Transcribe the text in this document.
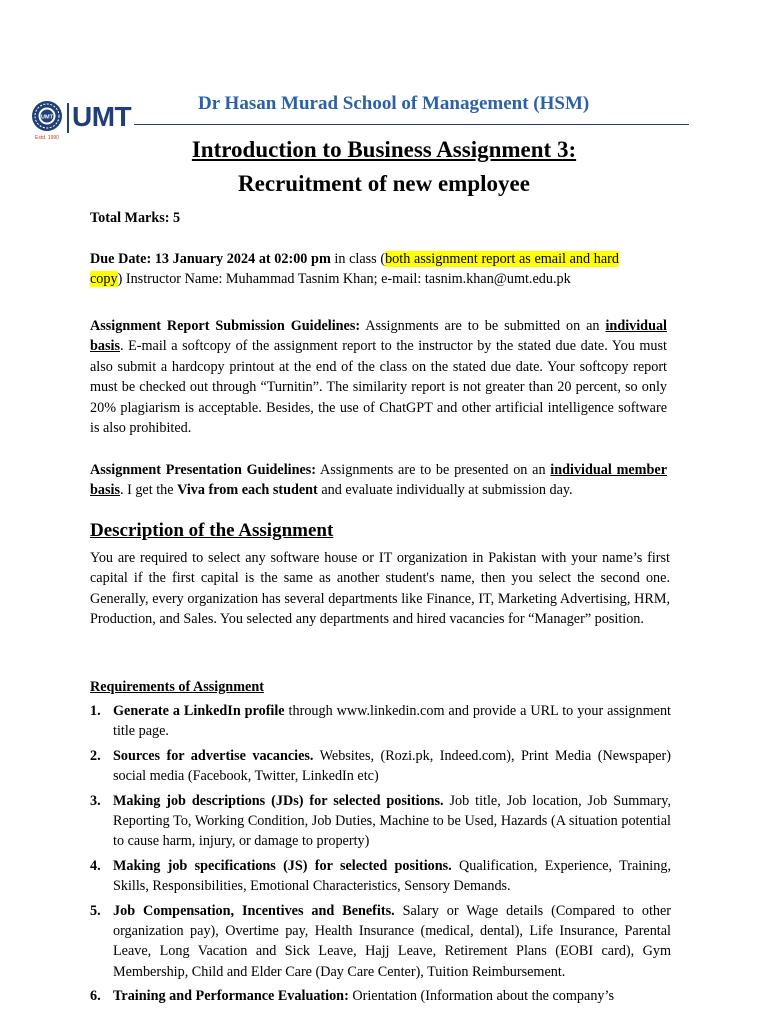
UMT
Estd. 1990
UMT	Dr Hasan Murad School of Management (HSM)
Introduction to Business Assignment 3:
Recruitment of new employee
Total Marks: 5
Due Date: 13 January 2024 at 02:00 pm in class (both assignment report as email and hard copy) Instructor Name: Muhammad Tasnim Khan; e-mail: tasnim.khan@umt.edu.pk
Assignment Report Submission Guidelines: Assignments are to be submitted on an individual basis. E-mail a softcopy of the assignment report to the instructor by the stated due date. You must also submit a hardcopy printout at the end of the class on the stated due date. Your softcopy report must be checked out through “Turnitin”. The similarity report is not greater than 20 percent, so only 20% plagiarism is acceptable. Besides, the use of ChatGPT and other artificial intelligence software is also prohibited.
Assignment Presentation Guidelines: Assignments are to be presented on an individual member basis. I get the Viva from each student and evaluate individually at submission day.
Description of the Assignment
You are required to select any software house or IT organization in Pakistan with your name’s first capital if the first capital is the same as another student's name, then you select the second one. Generally, every organization has several departments like Finance, IT, Marketing Advertising, HRM, Production, and Sales. You selected any departments and hired vacancies for “Manager” position.
Requirements of Assignment
1. Generate a LinkedIn profile through www.linkedin.com and provide a URL to your assignment title page.
2. Sources for advertise vacancies. Websites, (Rozi.pk, Indeed.com), Print Media (Newspaper) social media (Facebook, Twitter, LinkedIn etc)
3. Making job descriptions (JDs) for selected positions. Job title, Job location, Job Summary, Reporting To, Working Condition, Job Duties, Machine to be Used, Hazards (A situation potential to cause harm, injury, or damage to property)
4. Making job specifications (JS) for selected positions. Qualification, Experience, Training, Skills, Responsibilities, Emotional Characteristics, Sensory Demands.
5. Job Compensation, Incentives and Benefits. Salary or Wage details (Compared to other organization pay), Overtime pay, Health Insurance (medical, dental), Life Insurance, Parental Leave, Long Vacation and Sick Leave, Hajj Leave, Retirement Plans (EOBI card), Gym Membership, Child and Elder Care (Day Care Center), Tuition Reimbursement.
6. Training and Performance Evaluation: Orientation (Information about the company’s
